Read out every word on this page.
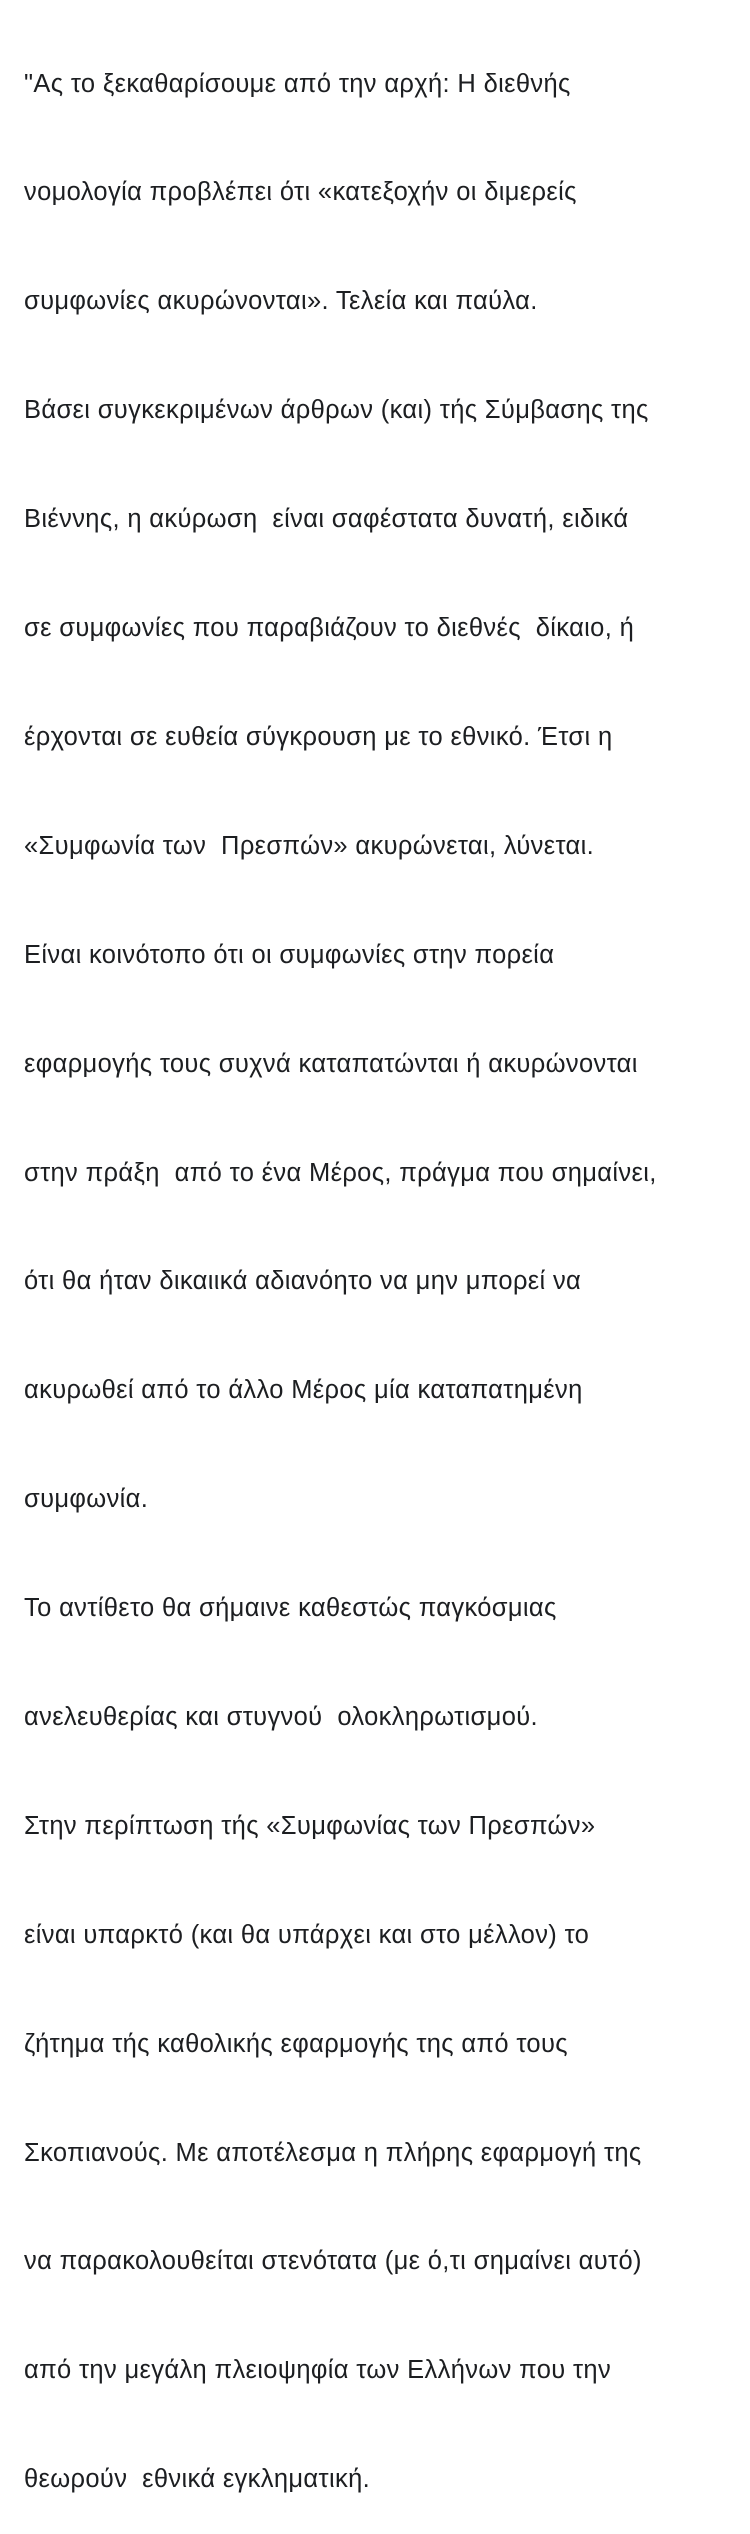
"Ας το ξεκαθαρίσουμε από την αρχή: Η διεθνής

νομολογία προβλέπει ότι «κατεξοχήν οι διμερείς

συμφωνίες ακυρώνονται». Τελεία και παύλα.

Βάσει συγκεκριμένων άρθρων (και) τής Σύμβασης της

Βιέννης, η ακύρωση  είναι σαφέστατα δυνατή, ειδικά

σε συμφωνίες που παραβιάζουν το διεθνές  δίκαιο, ή

έρχονται σε ευθεία σύγκρουση με το εθνικό. Έτσι η

«Συμφωνία των  Πρεσπών» ακυρώνεται, λύνεται.

Είναι κοινότοπο ότι οι συμφωνίες στην πορεία

εφαρμογής τους συχνά καταπατώνται ή ακυρώνονται

στην πράξη  από το ένα Μέρος, πράγμα που σημαίνει,

ότι θα ήταν δικαιικά αδιανόητο να μην μπορεί να

ακυρωθεί από το άλλο Μέρος μία καταπατημένη

συμφωνία.

Το αντίθετο θα σήμαινε καθεστώς παγκόσμιας

ανελευθερίας και στυγνού  ολοκληρωτισμού.

Στην περίπτωση τής «Συμφωνίας των Πρεσπών»

είναι υπαρκτό (και θα υπάρχει και στο μέλλον) το

ζήτημα τής καθολικής εφαρμογής της από τους

Σκοπιανούς. Με αποτέλεσμα η πλήρης εφαρμογή της

να παρακολουθείται στενότατα (με ό,τι σημαίνει αυτό)

από την μεγάλη πλειοψηφία των Ελλήνων που την

θεωρούν  εθνικά εγκληματική.
